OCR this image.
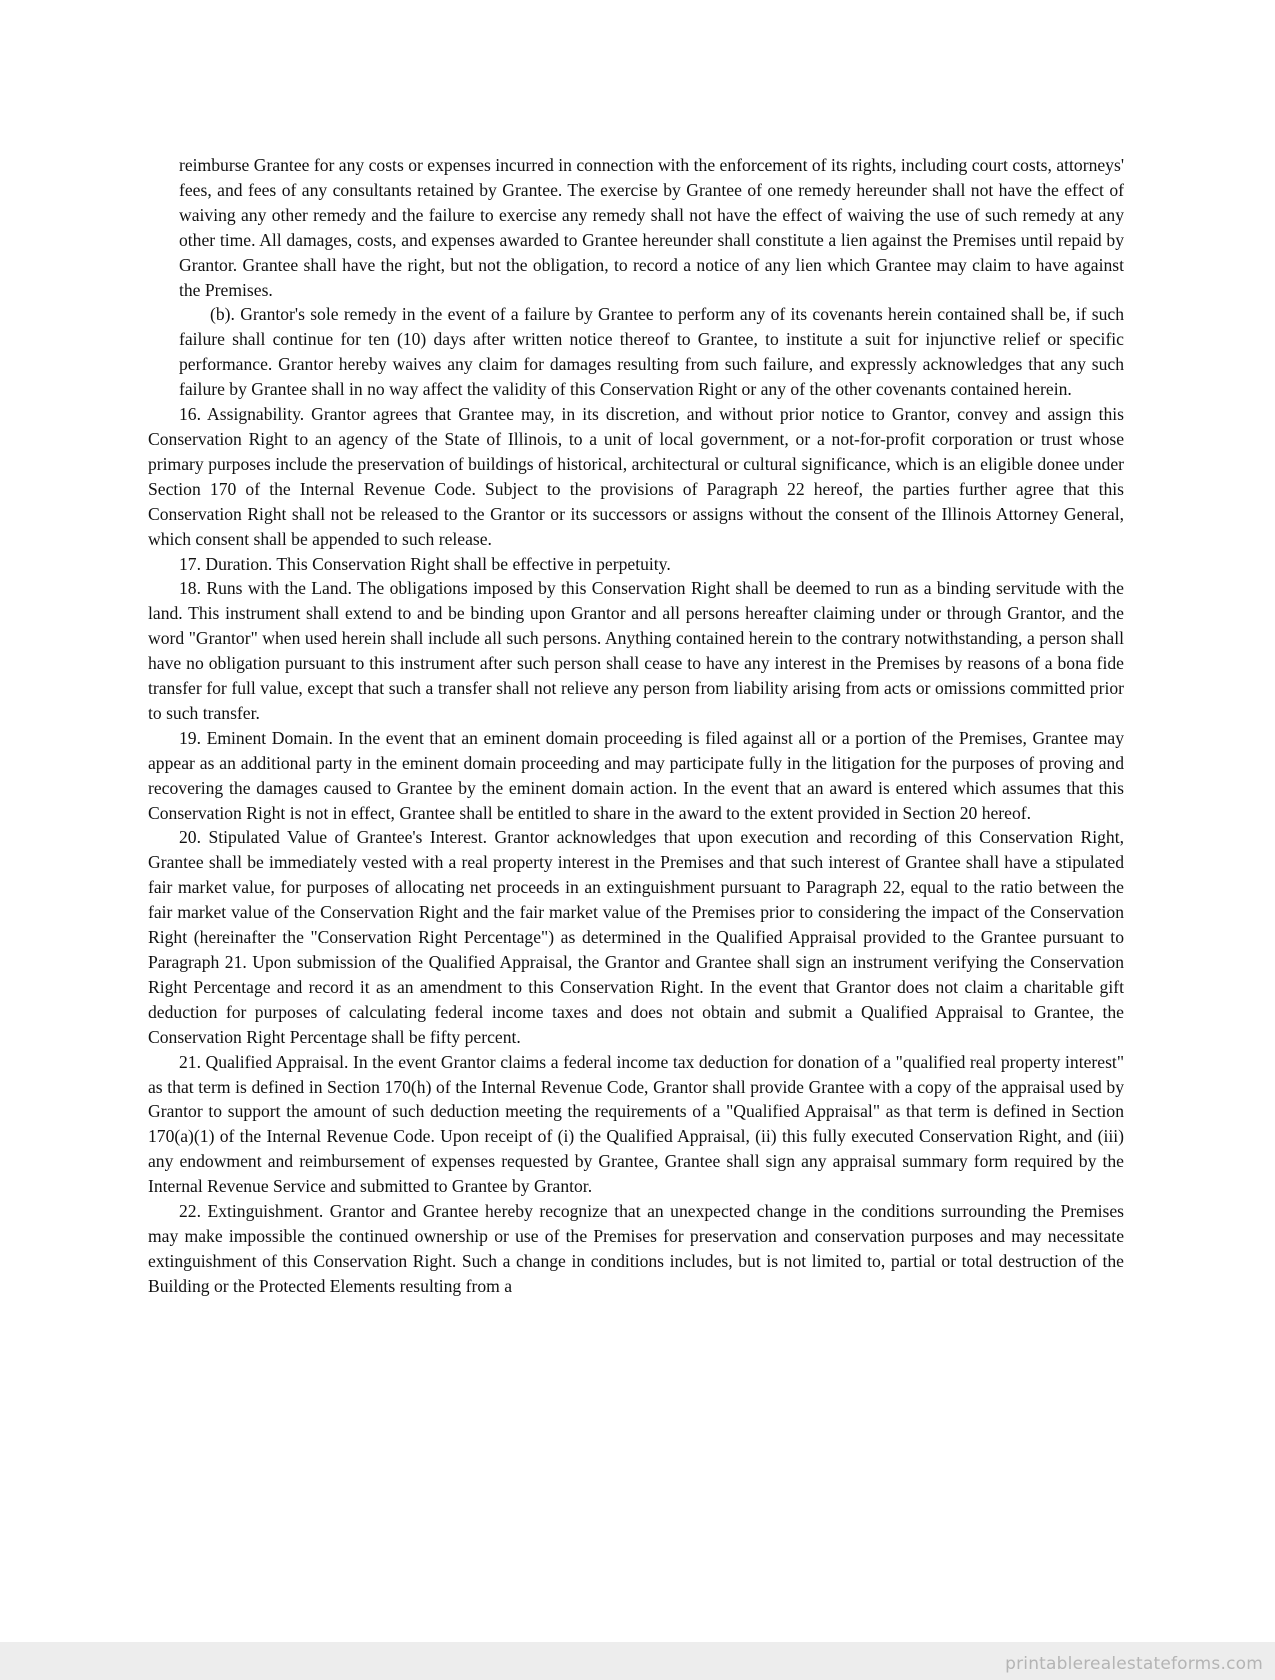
reimburse Grantee for any costs or expenses incurred in connection with the enforcement of its rights, including court costs, attorneys' fees, and fees of any consultants retained by Grantee. The exercise by Grantee of one remedy hereunder shall not have the effect of waiving any other remedy and the failure to exercise any remedy shall not have the effect of waiving the use of such remedy at any other time. All damages, costs, and expenses awarded to Grantee hereunder shall constitute a lien against the Premises until repaid by Grantor. Grantee shall have the right, but not the obligation, to record a notice of any lien which Grantee may claim to have against the Premises.

(b). Grantor's sole remedy in the event of a failure by Grantee to perform any of its covenants herein contained shall be, if such failure shall continue for ten (10) days after written notice thereof to Grantee, to institute a suit for injunctive relief or specific performance. Grantor hereby waives any claim for damages resulting from such failure, and expressly acknowledges that any such failure by Grantee shall in no way affect the validity of this Conservation Right or any of the other covenants contained herein.

16. Assignability. Grantor agrees that Grantee may, in its discretion, and without prior notice to Grantor, convey and assign this Conservation Right to an agency of the State of Illinois, to a unit of local government, or a not-for-profit corporation or trust whose primary purposes include the preservation of buildings of historical, architectural or cultural significance, which is an eligible donee under Section 170 of the Internal Revenue Code. Subject to the provisions of Paragraph 22 hereof, the parties further agree that this Conservation Right shall not be released to the Grantor or its successors or assigns without the consent of the Illinois Attorney General, which consent shall be appended to such release.

17. Duration. This Conservation Right shall be effective in perpetuity.

18. Runs with the Land. The obligations imposed by this Conservation Right shall be deemed to run as a binding servitude with the land. This instrument shall extend to and be binding upon Grantor and all persons hereafter claiming under or through Grantor, and the word "Grantor" when used herein shall include all such persons. Anything contained herein to the contrary notwithstanding, a person shall have no obligation pursuant to this instrument after such person shall cease to have any interest in the Premises by reasons of a bona fide transfer for full value, except that such a transfer shall not relieve any person from liability arising from acts or omissions committed prior to such transfer.

19. Eminent Domain. In the event that an eminent domain proceeding is filed against all or a portion of the Premises, Grantee may appear as an additional party in the eminent domain proceeding and may participate fully in the litigation for the purposes of proving and recovering the damages caused to Grantee by the eminent domain action. In the event that an award is entered which assumes that this Conservation Right is not in effect, Grantee shall be entitled to share in the award to the extent provided in Section 20 hereof.

20. Stipulated Value of Grantee's Interest. Grantor acknowledges that upon execution and recording of this Conservation Right, Grantee shall be immediately vested with a real property interest in the Premises and that such interest of Grantee shall have a stipulated fair market value, for purposes of allocating net proceeds in an extinguishment pursuant to Paragraph 22, equal to the ratio between the fair market value of the Conservation Right and the fair market value of the Premises prior to considering the impact of the Conservation Right (hereinafter the "Conservation Right Percentage") as determined in the Qualified Appraisal provided to the Grantee pursuant to Paragraph 21. Upon submission of the Qualified Appraisal, the Grantor and Grantee shall sign an instrument verifying the Conservation Right Percentage and record it as an amendment to this Conservation Right. In the event that Grantor does not claim a charitable gift deduction for purposes of calculating federal income taxes and does not obtain and submit a Qualified Appraisal to Grantee, the Conservation Right Percentage shall be fifty percent.

21. Qualified Appraisal. In the event Grantor claims a federal income tax deduction for donation of a "qualified real property interest" as that term is defined in Section 170(h) of the Internal Revenue Code, Grantor shall provide Grantee with a copy of the appraisal used by Grantor to support the amount of such deduction meeting the requirements of a "Qualified Appraisal" as that term is defined in Section 170(a)(1) of the Internal Revenue Code. Upon receipt of (i) the Qualified Appraisal, (ii) this fully executed Conservation Right, and (iii) any endowment and reimbursement of expenses requested by Grantee, Grantee shall sign any appraisal summary form required by the Internal Revenue Service and submitted to Grantee by Grantor.

22. Extinguishment. Grantor and Grantee hereby recognize that an unexpected change in the conditions surrounding the Premises may make impossible the continued ownership or use of the Premises for preservation and conservation purposes and may necessitate extinguishment of this Conservation Right. Such a change in conditions includes, but is not limited to, partial or total destruction of the Building or the Protected Elements resulting from a

printablerealestateforms.com
